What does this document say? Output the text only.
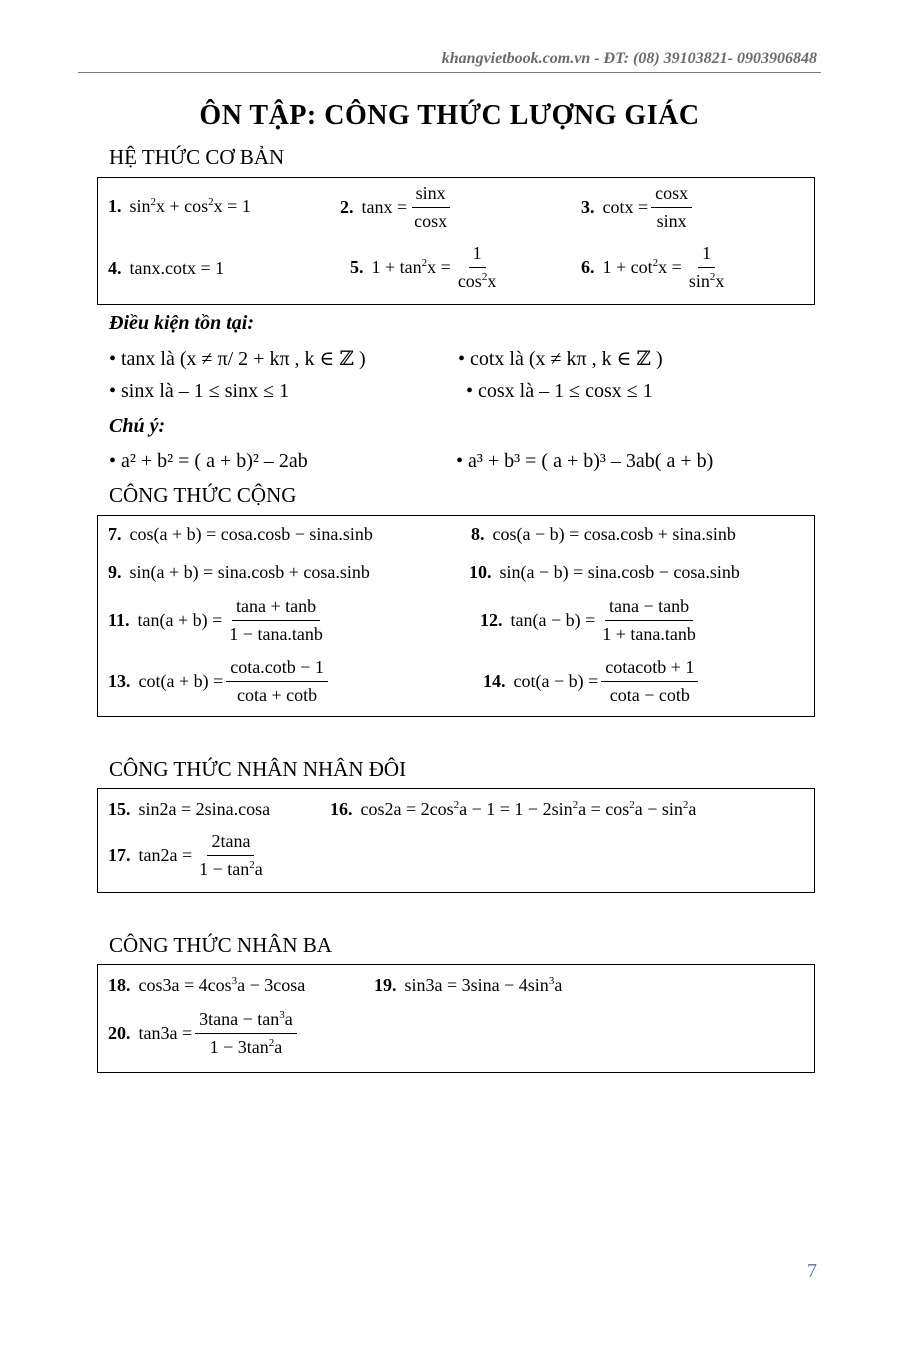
khangvietbook.com.vn - ĐT: (08) 39103821- 0903906848
ÔN TẬP: CÔNG THỨC LƯỢNG GIÁC
HỆ THỨC CƠ BẢN
1. $\sin^2x + \cos^2x = 1$	2. $\tan x = \frac{\sin x}{\cos x}$	3. $\cot x = \frac{\cos x}{\sin x}$
4. tanx.cotx = 1	5. $1 + \tan^2x = \frac{1}{\cos^2x}$	6. $1 + \cot^2x = \frac{1}{\sin^2x}$
Điều kiện tồn tại:
• tanx là (x ≠ π/ 2 + kπ , k ∈ ℤ )	• cotx là (x ≠ kπ , k ∈ ℤ )
• sinx là – 1 ≤ sinx ≤ 1	• cosx là – 1 ≤ cosx ≤ 1
Chú ý:
• a² + b² = ( a + b)² – 2ab	• a³ + b³ = ( a + b)³ – 3ab( a + b)
CÔNG THỨC CỘNG
7. cos(a + b) = cosa.cosb − sina.sinb	8. cos(a − b) = cosa.cosb + sina.sinb
9. sin(a + b) = sina.cosb + cosa.sinb	10. sin(a − b) = sina.cosb − cosa.sinb
11. $\tan(a + b) = \frac{\tan a + \tan b}{1 - \tan a.\tan b}$	12. $\tan(a - b) = \frac{\tan a - \tan b}{1 + \tan a.\tan b}$
13. $\cot(a + b) = \frac{\cot a.\cot b - 1}{\cot a + \cot b}$	14. $\cot(a - b) = \frac{\text{cotacotb + 1}}{\cot a - \cot b}$
CÔNG THỨC NHÂN NHÂN ĐÔI
15. sin2a = 2sina.cosa	16. $\cos 2a = 2\cos^2a - 1 = 1 - 2\sin^2a = \cos^2a - \sin^2a$
17. $\tan 2a = \frac{2\tan a}{1 - \tan^2a}$
CÔNG THỨC NHÂN BA
18. $\cos 3a = 4\cos^3a - 3\cos a$	19. $\sin 3a = 3\sin a - 4\sin^3a$
20. $\tan 3a = \frac{3\tan a - \tan^3a}{1 - 3\tan^2a}$
7
